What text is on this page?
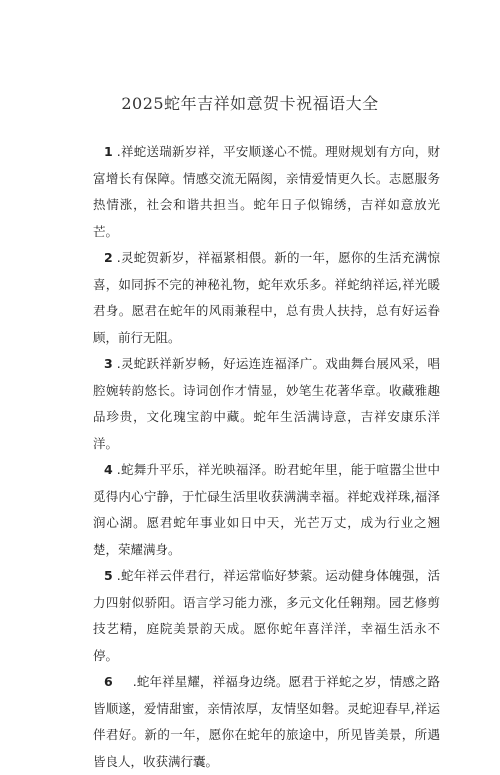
2025蛇年吉祥如意贺卡祝福语大全

1 .祥蛇送瑞新岁祥，平安顺遂心不慌。理财规划有方向，财富增长有保障。情感交流无隔阂，亲情爱情更久长。志愿服务热情涨，社会和谐共担当。蛇年日子似锦绣，吉祥如意放光芒。

2 .灵蛇贺新岁，祥福紧相偎。新的一年，愿你的生活充满惊喜，如同拆不完的神秘礼物，蛇年欢乐多。祥蛇纳祥运,祥光暖君身。愿君在蛇年的风雨兼程中，总有贵人扶持，总有好运眷顾，前行无阻。

3 .灵蛇跃祥新岁畅，好运连连福泽广。戏曲舞台展风采，唱腔婉转韵悠长。诗词创作才情显，妙笔生花著华章。收藏雅趣品珍贵，文化瑰宝韵中藏。蛇年生活满诗意，吉祥安康乐洋洋。

4 .蛇舞升平乐，祥光映福泽。盼君蛇年里，能于喧嚣尘世中觅得内心宁静，于忙碌生活里收获满满幸福。祥蛇戏祥珠,福泽润心湖。愿君蛇年事业如日中天，光芒万丈，成为行业之翘楚，荣耀满身。

5 .蛇年祥云伴君行，祥运常临好梦萦。运动健身体魄强，活力四射似骄阳。语言学习能力涨，多元文化任翱翔。园艺修剪技艺精，庭院美景韵天成。愿你蛇年喜洋洋，幸福生活永不停。

6 .蛇年祥星耀，祥福身边绕。愿君于祥蛇之岁，情感之路皆顺遂，爱情甜蜜，亲情浓厚，友情坚如磐。灵蛇迎春早,祥运伴君好。新的一年，愿你在蛇年的旅途中，所见皆美景，所遇皆良人，收获满行囊。
